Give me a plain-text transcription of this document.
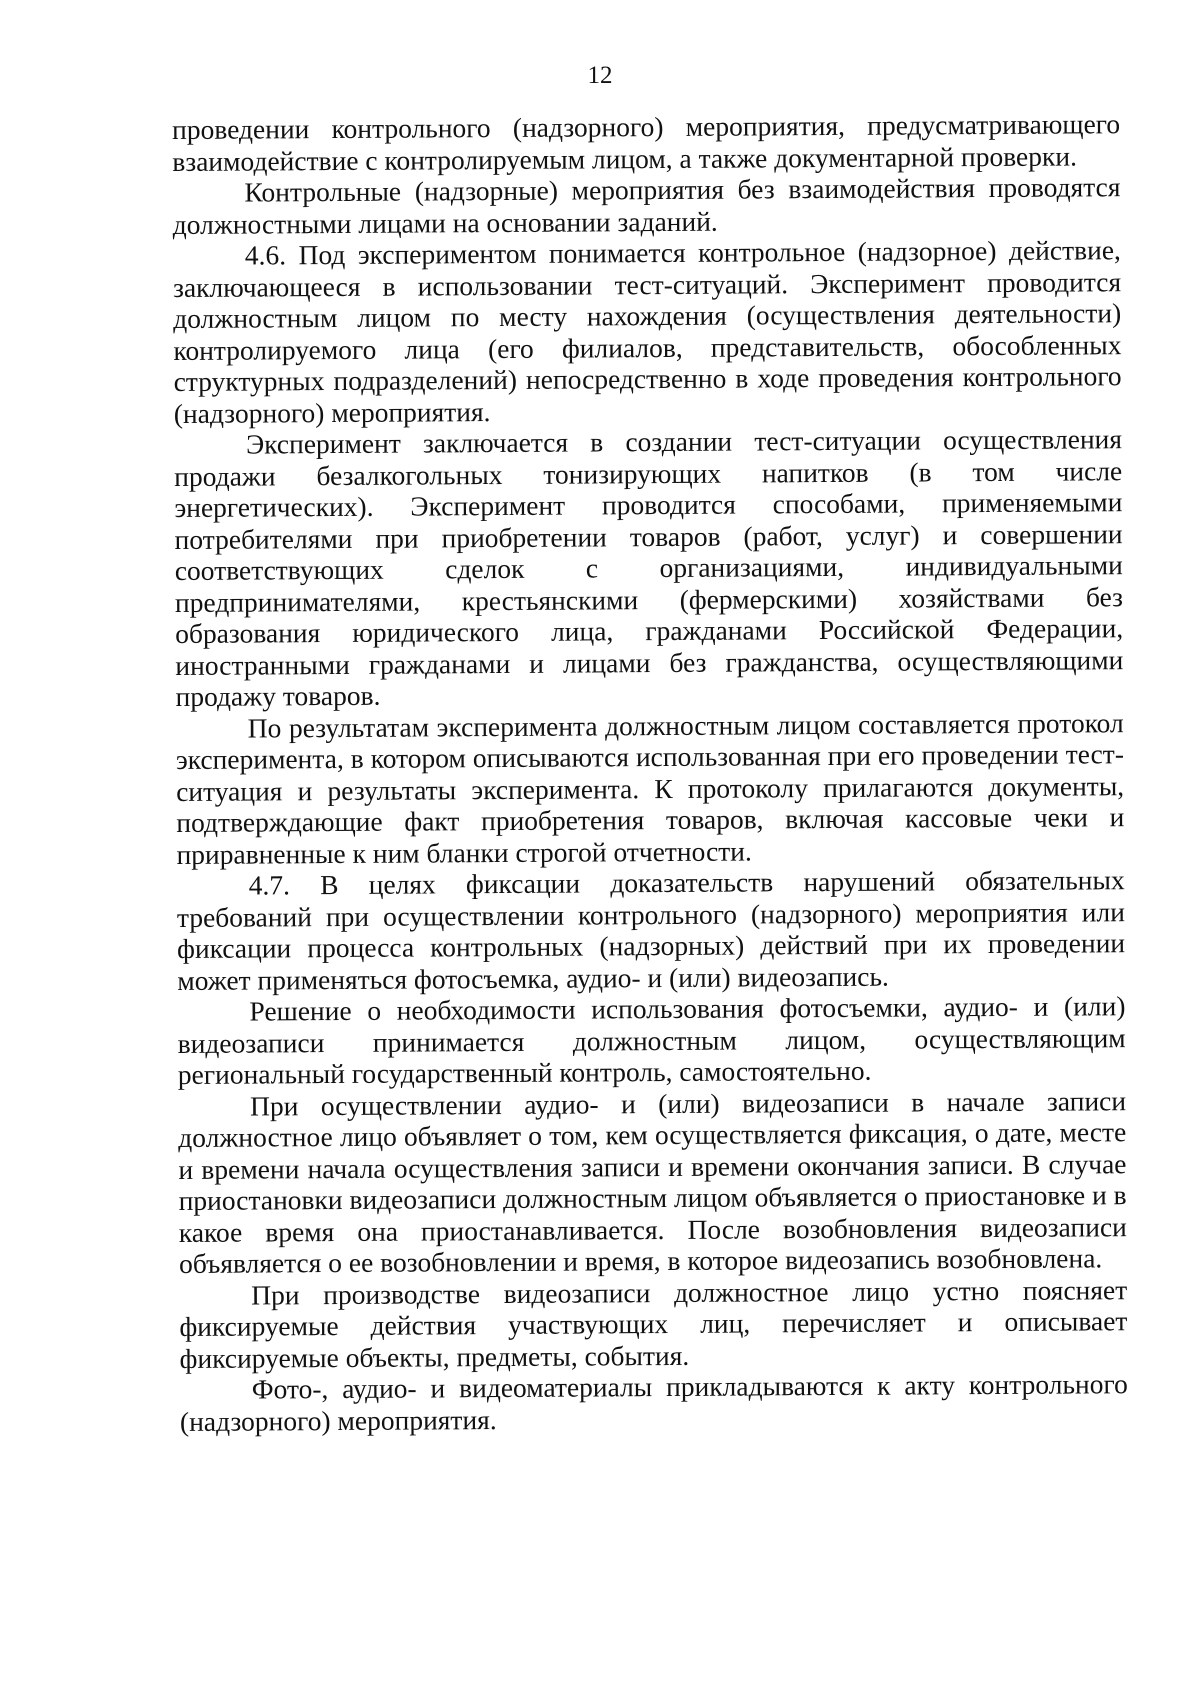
12

проведении контрольного (надзорного) мероприятия, предусматривающего взаимодействие с контролируемым лицом, а также документарной проверки.

Контрольные (надзорные) мероприятия без взаимодействия проводятся должностными лицами на основании заданий.

4.6. Под экспериментом понимается контрольное (надзорное) действие, заключающееся в использовании тест-ситуаций. Эксперимент проводится должностным лицом по месту нахождения (осуществления деятельности) контролируемого лица (его филиалов, представительств, обособленных структурных подразделений) непосредственно в ходе проведения контрольного (надзорного) мероприятия.

Эксперимент заключается в создании тест-ситуации осуществления продажи безалкогольных тонизирующих напитков (в том числе энергетических). Эксперимент проводится способами, применяемыми потребителями при приобретении товаров (работ, услуг) и совершении соответствующих сделок с организациями, индивидуальными предпринимателями, крестьянскими (фермерскими) хозяйствами без образования юридического лица, гражданами Российской Федерации, иностранными гражданами и лицами без гражданства, осуществляющими продажу товаров.

По результатам эксперимента должностным лицом составляется протокол эксперимента, в котором описываются использованная при его проведении тест-ситуация и результаты эксперимента. К протоколу прилагаются документы, подтверждающие факт приобретения товаров, включая кассовые чеки и приравненные к ним бланки строгой отчетности.

4.7. В целях фиксации доказательств нарушений обязательных требований при осуществлении контрольного (надзорного) мероприятия или фиксации процесса контрольных (надзорных) действий при их проведении может применяться фотосъемка, аудио- и (или) видеозапись.

Решение о необходимости использования фотосъемки, аудио- и (или) видеозаписи принимается должностным лицом, осуществляющим региональный государственный контроль, самостоятельно.

При осуществлении аудио- и (или) видеозаписи в начале записи должностное лицо объявляет о том, кем осуществляется фиксация, о дате, месте и времени начала осуществления записи и времени окончания записи. В случае приостановки видеозаписи должностным лицом объявляется о приостановке и в какое время она приостанавливается. После возобновления видеозаписи объявляется о ее возобновлении и время, в которое видеозапись возобновлена.

При производстве видеозаписи должностное лицо устно поясняет фиксируемые действия участвующих лиц, перечисляет и описывает фиксируемые объекты, предметы, события.

Фото-, аудио- и видеоматериалы прикладываются к акту контрольного (надзорного) мероприятия.
